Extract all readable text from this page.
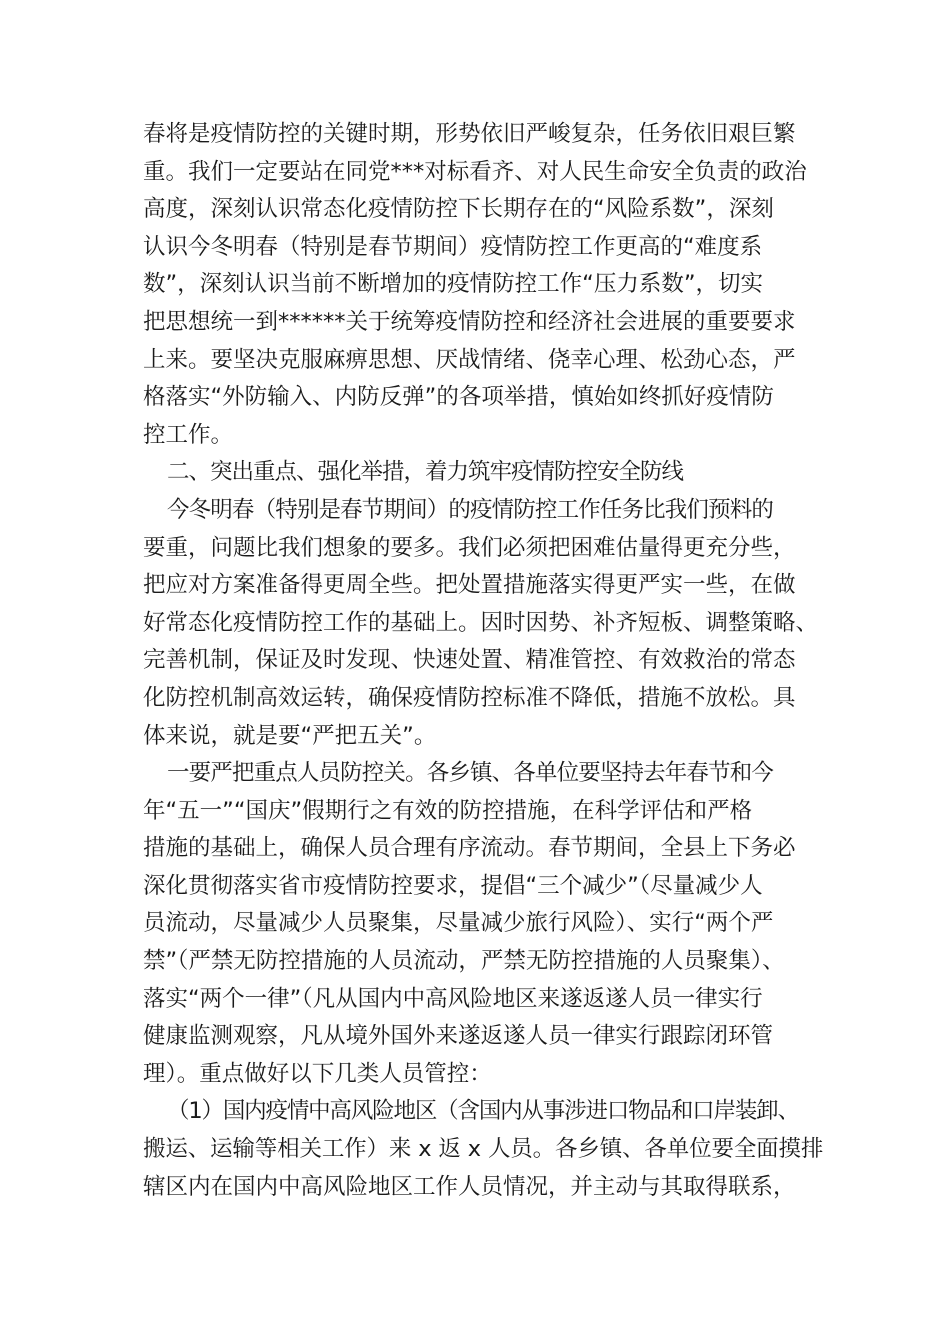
春将是疫情防控的关键时期，形势依旧严峻复杂，任务依旧艰巨繁
重。我们一定要站在同党***对标看齐、对人民生命安全负责的政治
高度，深刻认识常态化疫情防控下长期存在的“风险系数”，深刻
认识今冬明春（特别是春节期间）疫情防控工作更高的“难度系
数”，深刻认识当前不断增加的疫情防控工作“压力系数”，切实
把思想统一到******关于统筹疫情防控和经济社会进展的重要要求
上来。要坚决克服麻痹思想、厌战情绪、侥幸心理、松劲心态，严
格落实“外防输入、内防反弹”的各项举措，慎始如终抓好疫情防
控工作。
二、突出重点、强化举措，着力筑牢疫情防控安全防线
今冬明春（特别是春节期间）的疫情防控工作任务比我们预料的
要重，问题比我们想象的要多。我们必须把困难估量得更充分些，
把应对方案准备得更周全些。把处置措施落实得更严实一些，在做
好常态化疫情防控工作的基础上。因时因势、补齐短板、调整策略、
完善机制，保证及时发现、快速处置、精准管控、有效救治的常态
化防控机制高效运转，确保疫情防控标准不降低，措施不放松。具
体来说，就是要“严把五关”。
一要严把重点人员防控关。各乡镇、各单位要坚持去年春节和今
年“五一”“国庆”假期行之有效的防控措施，在科学评估和严格
措施的基础上，确保人员合理有序流动。春节期间，全县上下务必
深化贯彻落实省市疫情防控要求，提倡“三个减少”（尽量减少人
员流动，尽量减少人员聚集，尽量减少旅行风险）、实行“两个严
禁”（严禁无防控措施的人员流动，严禁无防控措施的人员聚集）、
落实“两个一律”（凡从国内中高风险地区来遂返遂人员一律实行
健康监测观察，凡从境外国外来遂返遂人员一律实行跟踪闭环管
理）。重点做好以下几类人员管控：
（1）国内疫情中高风险地区（含国内从事涉进口物品和口岸装卸、
搬运、运输等相关工作）来 x 返 x 人员。各乡镇、各单位要全面摸排
辖区内在国内中高风险地区工作人员情况，并主动与其取得联系，
